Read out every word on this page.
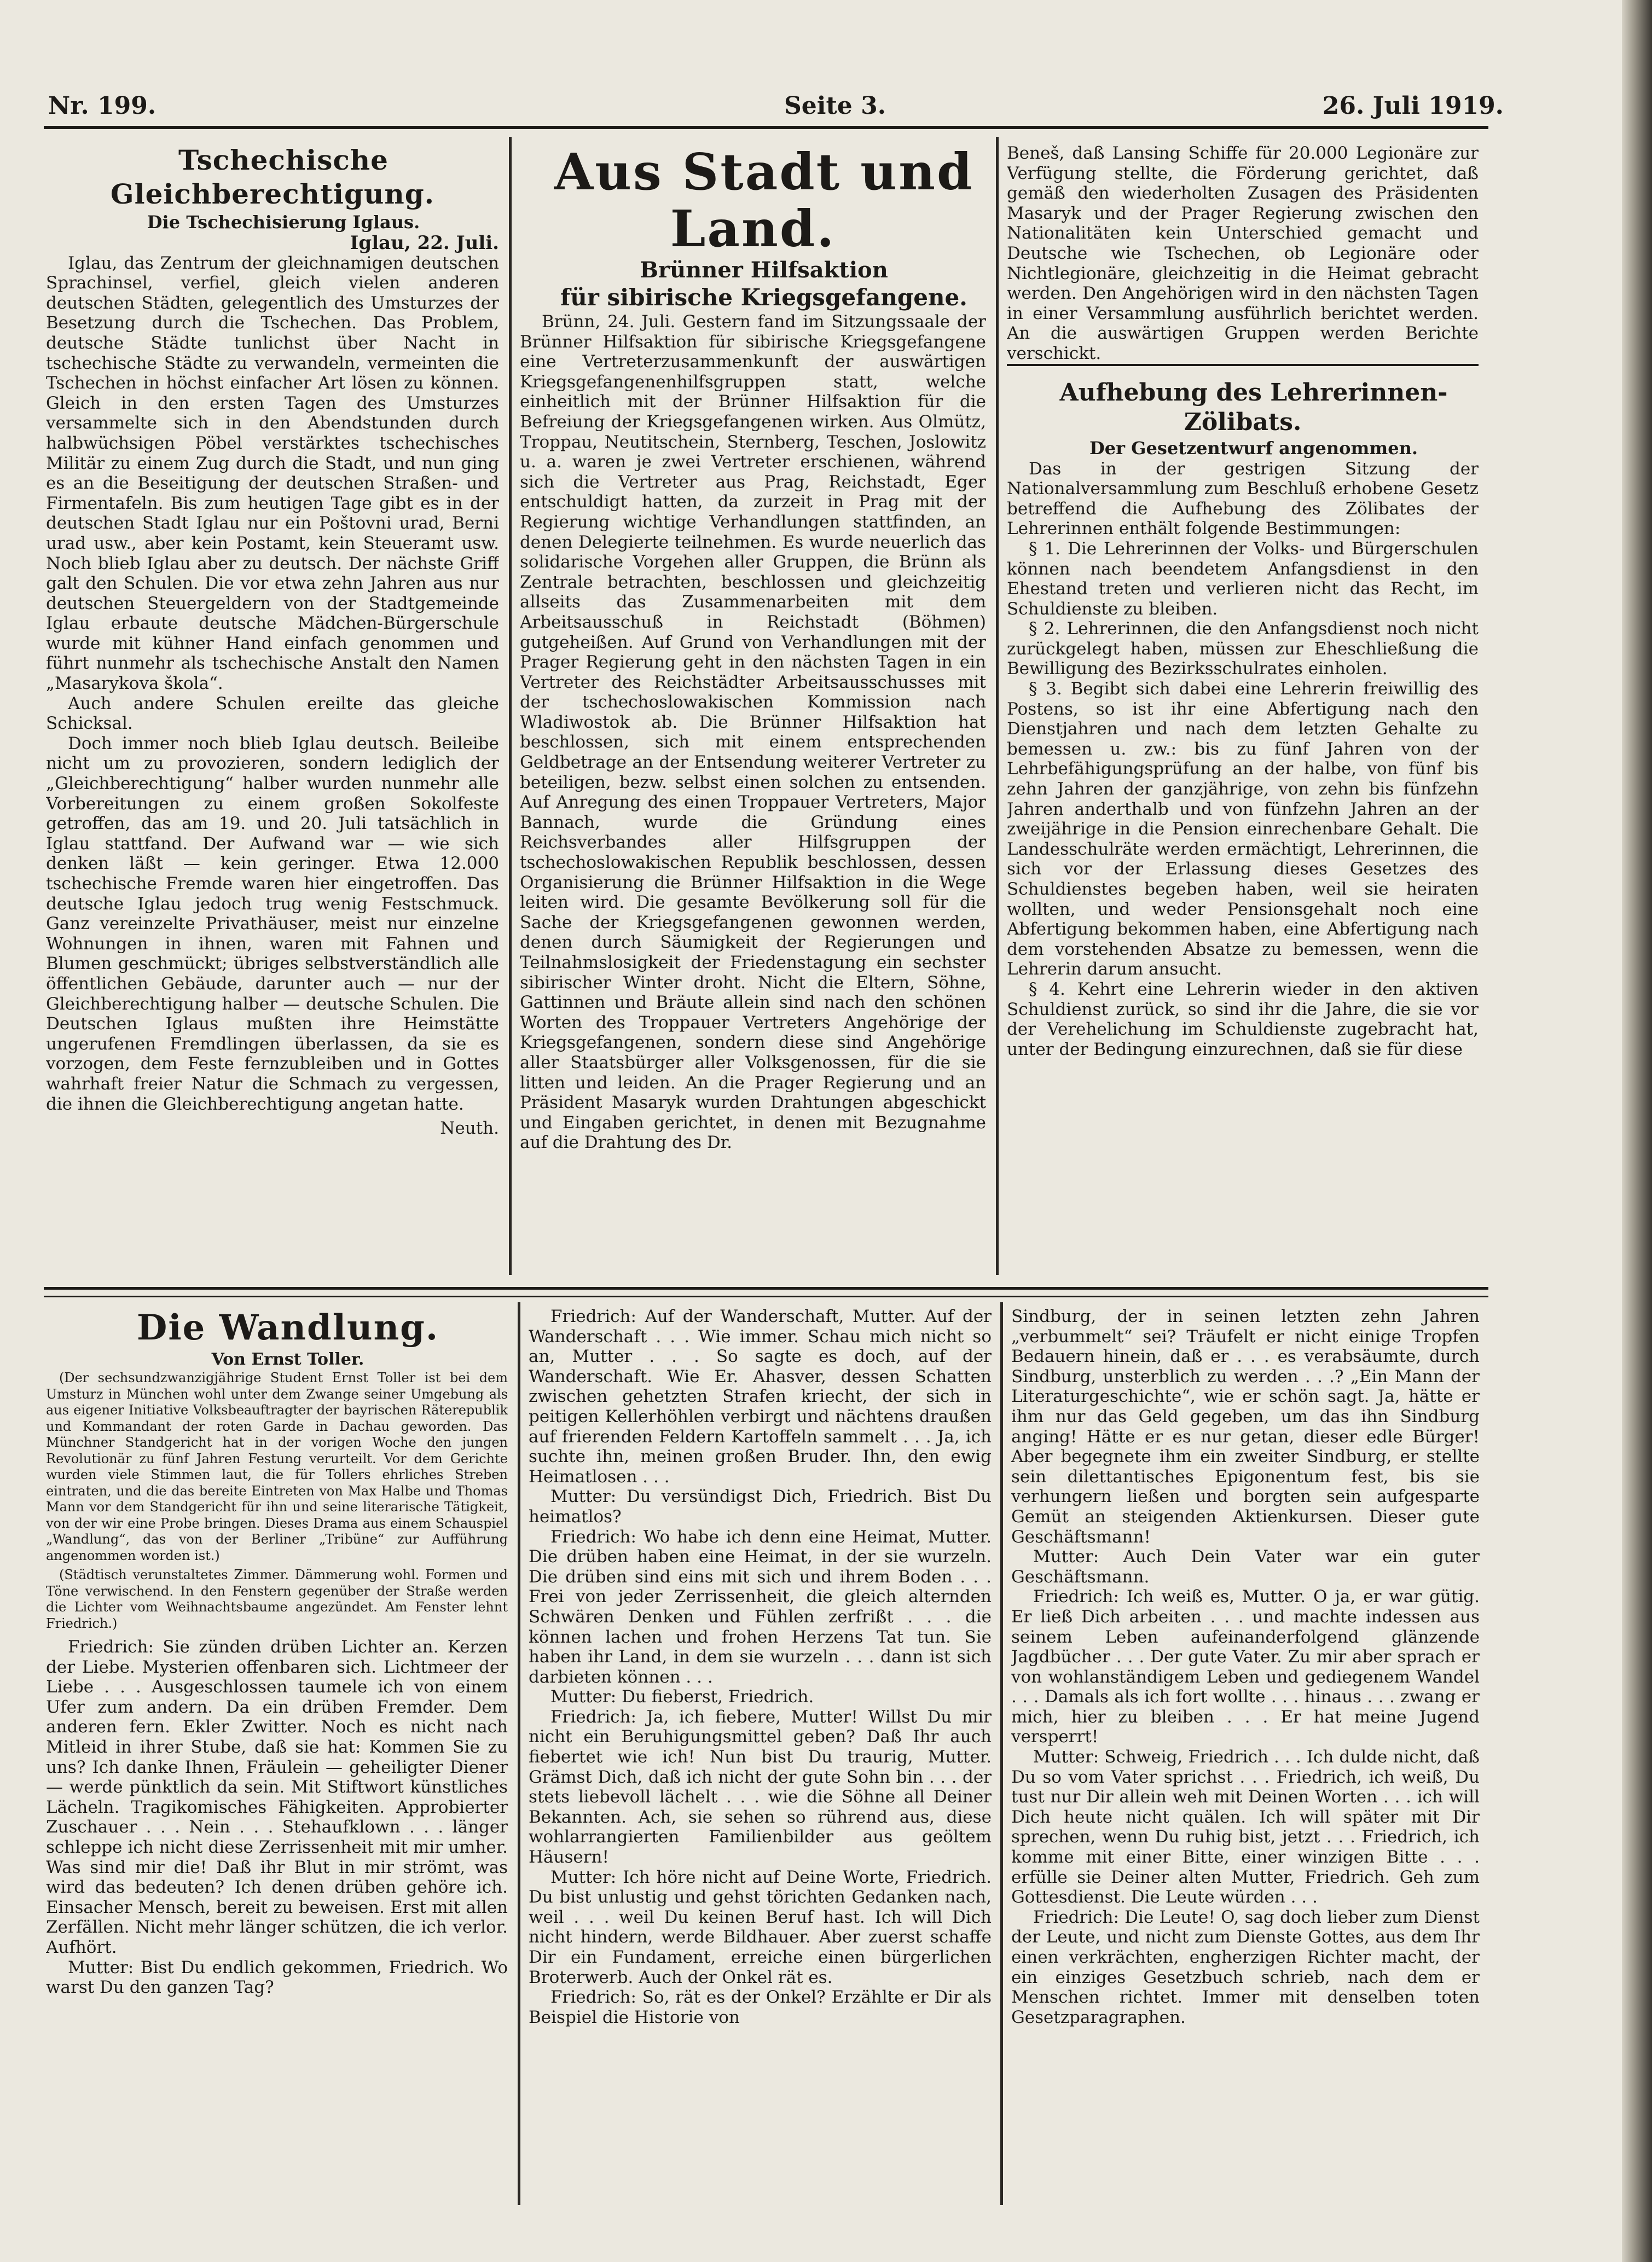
Nr. 199.	Seite 3.	26. Juli 1919.

Tschechische Gleichberechtigung.

Die Tschechisierung Iglaus.

Iglau, 22. Juli.

Iglau, das Zentrum der gleichnamigen deutschen Sprachinsel, verfiel, gleich vielen anderen deutschen Städten, gelegentlich des Umsturzes der Besetzung durch die Tschechen. Das Problem, deutsche Städte tunlichst über Nacht in tschechische Städte zu verwandeln, vermeinten die Tschechen in höchst einfacher Art lösen zu können. Gleich in den ersten Tagen des Umsturzes versammelte sich in den Abendstunden durch halbwüchsigen Pöbel verstärktes tschechisches Militär zu einem Zug durch die Stadt, und nun ging es an die Beseitigung der deutschen Straßen- und Firmentafeln. Bis zum heutigen Tage gibt es in der deutschen Stadt Iglau nur ein Poštovni urad, Berni urad usw., aber kein Postamt, kein Steueramt usw. Noch blieb Iglau aber zu deutsch. Der nächste Griff galt den Schulen. Die vor etwa zehn Jahren aus nur deutschen Steuergeldern von der Stadtgemeinde Iglau erbaute deutsche Mädchen-Bürgerschule wurde mit kühner Hand einfach genommen und führt nunmehr als tschechische Anstalt den Namen „Masarykova škola“.

Auch andere Schulen ereilte das gleiche Schicksal.

Doch immer noch blieb Iglau deutsch. Beileibe nicht um zu provozieren, sondern lediglich der „Gleichberechtigung“ halber wurden nunmehr alle Vorbereitungen zu einem großen Sokolfeste getroffen, das am 19. und 20. Juli tatsächlich in Iglau stattfand. Der Aufwand war — wie sich denken läßt — kein geringer. Etwa 12.000 tschechische Fremde waren hier eingetroffen. Das deutsche Iglau jedoch trug wenig Festschmuck. Ganz vereinzelte Privathäuser, meist nur einzelne Wohnungen in ihnen, waren mit Fahnen und Blumen geschmückt; übriges selbstverständlich alle öffentlichen Gebäude, darunter auch — nur der Gleichberechtigung halber — deutsche Schulen. Die Deutschen Iglaus mußten ihre Heimstätte ungerufenen Fremdlingen überlassen, da sie es vorzogen, dem Feste fernzubleiben und in Gottes wahrhaft freier Natur die Schmach zu vergessen, die ihnen die Gleichberechtigung angetan hatte.

Neuth.

Aus Stadt und Land.

Brünner Hilfsaktion

für sibirische Kriegsgefangene.

Brünn, 24. Juli. Gestern fand im Sitzungssaale der Brünner Hilfsaktion für sibirische Kriegsgefangene eine Vertreterzusammenkunft der auswärtigen Kriegsgefangenenhilfsgruppen statt, welche einheitlich mit der Brünner Hilfsaktion für die Befreiung der Kriegsgefangenen wirken. Aus Olmütz, Troppau, Neutitschein, Sternberg, Teschen, Joslowitz u. a. waren je zwei Vertreter erschienen, während sich die Vertreter aus Prag, Reichstadt, Eger entschuldigt hatten, da zurzeit in Prag mit der Regierung wichtige Verhandlungen stattfinden, an denen Delegierte teilnehmen. Es wurde neuerlich das solidarische Vorgehen aller Gruppen, die Brünn als Zentrale betrachten, beschlossen und gleichzeitig allseits das Zusammenarbeiten mit dem Arbeitsausschuß in Reichstadt (Böhmen) gutgeheißen. Auf Grund von Verhandlungen mit der Prager Regierung geht in den nächsten Tagen in ein Vertreter des Reichstädter Arbeitsausschusses mit der tschechoslowakischen Kommission nach Wladiwostok ab. Die Brünner Hilfsaktion hat beschlossen, sich mit einem entsprechenden Geldbetrage an der Entsendung weiterer Vertreter zu beteiligen, bezw. selbst einen solchen zu entsenden. Auf Anregung des einen Troppauer Vertreters, Major Bannach, wurde die Gründung eines Reichsverbandes aller Hilfsgruppen der tschechoslowakischen Republik beschlossen, dessen Organisierung die Brünner Hilfsaktion in die Wege leiten wird. Die gesamte Bevölkerung soll für die Sache der Kriegsgefangenen gewonnen werden, denen durch Säumigkeit der Regierungen und Teilnahmslosigkeit der Friedenstagung ein sechster sibirischer Winter droht. Nicht die Eltern, Söhne, Gattinnen und Bräute allein sind nach den schönen Worten des Troppauer Vertreters Angehörige der Kriegsgefangenen, sondern diese sind Angehörige aller Staatsbürger aller Volksgenossen, für die sie litten und leiden. An die Prager Regierung und an Präsident Masaryk wurden Drahtungen abgeschickt und Eingaben gerichtet, in denen mit Bezugnahme auf die Drahtung des Dr.

Beneš, daß Lansing Schiffe für 20.000 Legionäre zur Verfügung stellte, die Förderung gerichtet, daß gemäß den wiederholten Zusagen des Präsidenten Masaryk und der Prager Regierung zwischen den Nationalitäten kein Unterschied gemacht und Deutsche wie Tschechen, ob Legionäre oder Nichtlegionäre, gleichzeitig in die Heimat gebracht werden. Den Angehörigen wird in den nächsten Tagen in einer Versammlung ausführlich berichtet werden. An die auswärtigen Gruppen werden Berichte verschickt.

Aufhebung des Lehrerinnen-Zölibats.

Der Gesetzentwurf angenommen.

Das in der gestrigen Sitzung der Nationalversammlung zum Beschluß erhobene Gesetz betreffend die Aufhebung des Zölibates der Lehrerinnen enthält folgende Bestimmungen:

§ 1. Die Lehrerinnen der Volks- und Bürgerschulen können nach beendetem Anfangsdienst in den Ehestand treten und verlieren nicht das Recht, im Schuldienste zu bleiben.

§ 2. Lehrerinnen, die den Anfangsdienst noch nicht zurückgelegt haben, müssen zur Eheschließung die Bewilligung des Bezirksschulrates einholen.

§ 3. Begibt sich dabei eine Lehrerin freiwillig des Postens, so ist ihr eine Abfertigung nach den Dienstjahren und nach dem letzten Gehalte zu bemessen u. zw.: bis zu fünf Jahren von der Lehrbefähigungsprüfung an der halbe, von fünf bis zehn Jahren der ganzjährige, von zehn bis fünfzehn Jahren anderthalb und von fünfzehn Jahren an der zweijährige in die Pension einrechenbare Gehalt. Die Landesschulräte werden ermächtigt, Lehrerinnen, die sich vor der Erlassung dieses Gesetzes des Schuldienstes begeben haben, weil sie heiraten wollten, und weder Pensionsgehalt noch eine Abfertigung bekommen haben, eine Abfertigung nach dem vorstehenden Absatze zu bemessen, wenn die Lehrerin darum ansucht.

§ 4. Kehrt eine Lehrerin wieder in den aktiven Schuldienst zurück, so sind ihr die Jahre, die sie vor der Verehelichung im Schuldienste zugebracht hat, unter der Bedingung einzurechnen, daß sie für diese

Die Wandlung.

Von Ernst Toller.

(Der sechsundzwanzigjährige Student Ernst Toller ist bei dem Umsturz in München wohl unter dem Zwange seiner Umgebung als aus eigener Initiative Volksbeauftragter der bayrischen Räterepublik und Kommandant der roten Garde in Dachau geworden. Das Münchner Standgericht hat in der vorigen Woche den jungen Revolutionär zu fünf Jahren Festung verurteilt. Vor dem Gerichte wurden viele Stimmen laut, die für Tollers ehrliches Streben eintraten, und die das bereite Eintreten von Max Halbe und Thomas Mann vor dem Standgericht für ihn und seine literarische Tätigkeit, von der wir eine Probe bringen. Dieses Drama aus einem Schauspiel „Wandlung“, das von der Berliner „Tribüne“ zur Aufführung angenommen worden ist.)

(Städtisch verunstaltetes Zimmer. Dämmerung wohl. Formen und Töne verwischend. In den Fenstern gegenüber der Straße werden die Lichter vom Weihnachtsbaume angezündet. Am Fenster lehnt Friedrich.)

Friedrich: Sie zünden drüben Lichter an. Kerzen der Liebe. Mysterien offenbaren sich. Lichtmeer der Liebe . . . Ausgeschlossen taumele ich von einem Ufer zum andern. Da ein drüben Fremder. Dem anderen fern. Ekler Zwitter. Noch es nicht nach Mitleid in ihrer Stube, daß sie hat: Kommen Sie zu uns? Ich danke Ihnen, Fräulein — geheiligter Diener — werde pünktlich da sein. Mit Stiftwort künstliches Lächeln. Tragikomisches Fähigkeiten. Approbierter Zuschauer . . . Nein . . . Stehaufklown . . . länger schleppe ich nicht diese Zerrissenheit mit mir umher. Was sind mir die! Daß ihr Blut in mir strömt, was wird das bedeuten? Ich denen drüben gehöre ich. Einsacher Mensch, bereit zu beweisen. Erst mit allen Zerfällen. Nicht mehr länger schützen, die ich verlor. Aufhört.

Mutter: Bist Du endlich gekommen, Friedrich. Wo warst Du den ganzen Tag?

Friedrich: Auf der Wanderschaft, Mutter. Auf der Wanderschaft . . . Wie immer. Schau mich nicht so an, Mutter . . . So sagte es doch, auf der Wanderschaft. Wie Er. Ahasver, dessen Schatten zwischen gehetzten Strafen kriecht, der sich in peitigen Kellerhöhlen verbirgt und nächtens draußen auf frierenden Feldern Kartoffeln sammelt . . . Ja, ich suchte ihn, meinen großen Bruder. Ihn, den ewig Heimatlosen . . .

Mutter: Du versündigst Dich, Friedrich. Bist Du heimatlos?

Friedrich: Wo habe ich denn eine Heimat, Mutter. Die drüben haben eine Heimat, in der sie wurzeln. Die drüben sind eins mit sich und ihrem Boden . . . Frei von jeder Zerrissenheit, die gleich alternden Schwären Denken und Fühlen zerfrißt . . . die können lachen und frohen Herzens Tat tun. Sie haben ihr Land, in dem sie wurzeln . . . dann ist sich darbieten können . . .

Mutter: Du fieberst, Friedrich.

Friedrich: Ja, ich fiebere, Mutter! Willst Du mir nicht ein Beruhigungsmittel geben? Daß Ihr auch fiebertet wie ich! Nun bist Du traurig, Mutter. Grämst Dich, daß ich nicht der gute Sohn bin . . . der stets liebevoll lächelt . . . wie die Söhne all Deiner Bekannten. Ach, sie sehen so rührend aus, diese wohlarrangierten Familienbilder aus geöltem Häusern!

Mutter: Ich höre nicht auf Deine Worte, Friedrich. Du bist unlustig und gehst törichten Gedanken nach, weil . . . weil Du keinen Beruf hast. Ich will Dich nicht hindern, werde Bildhauer. Aber zuerst schaffe Dir ein Fundament, erreiche einen bürgerlichen Broterwerb. Auch der Onkel rät es.

Friedrich: So, rät es der Onkel? Erzählte er Dir als Beispiel die Historie von

Sindburg, der in seinen letzten zehn Jahren „verbummelt“ sei? Träufelt er nicht einige Tropfen Bedauern hinein, daß er . . . es verabsäumte, durch Sindburg, unsterblich zu werden . . .? „Ein Mann der Literaturgeschichte“, wie er schön sagt. Ja, hätte er ihm nur das Geld gegeben, um das ihn Sindburg anging! Hätte er es nur getan, dieser edle Bürger! Aber begegnete ihm ein zweiter Sindburg, er stellte sein dilettantisches Epigonentum fest, bis sie verhungern ließen und borgten sein aufgesparte Gemüt an steigenden Aktienkursen. Dieser gute Geschäftsmann!

Mutter: Auch Dein Vater war ein guter Geschäftsmann.

Friedrich: Ich weiß es, Mutter. O ja, er war gütig. Er ließ Dich arbeiten . . . und machte indessen aus seinem Leben aufeinanderfolgend glänzende Jagdbücher . . . Der gute Vater. Zu mir aber sprach er von wohlanständigem Leben und gediegenem Wandel . . . Damals als ich fort wollte . . . hinaus . . . zwang er mich, hier zu bleiben . . . Er hat meine Jugend versperrt!

Mutter: Schweig, Friedrich . . . Ich dulde nicht, daß Du so vom Vater sprichst . . . Friedrich, ich weiß, Du tust nur Dir allein weh mit Deinen Worten . . . ich will Dich heute nicht quälen. Ich will später mit Dir sprechen, wenn Du ruhig bist, jetzt . . . Friedrich, ich komme mit einer Bitte, einer winzigen Bitte . . . erfülle sie Deiner alten Mutter, Friedrich. Geh zum Gottesdienst. Die Leute würden . . .

Friedrich: Die Leute! O, sag doch lieber zum Dienst der Leute, und nicht zum Dienste Gottes, aus dem Ihr einen verkrächten, engherzigen Richter macht, der ein einziges Gesetzbuch schrieb, nach dem er Menschen richtet. Immer mit denselben toten Gesetzparagraphen.
